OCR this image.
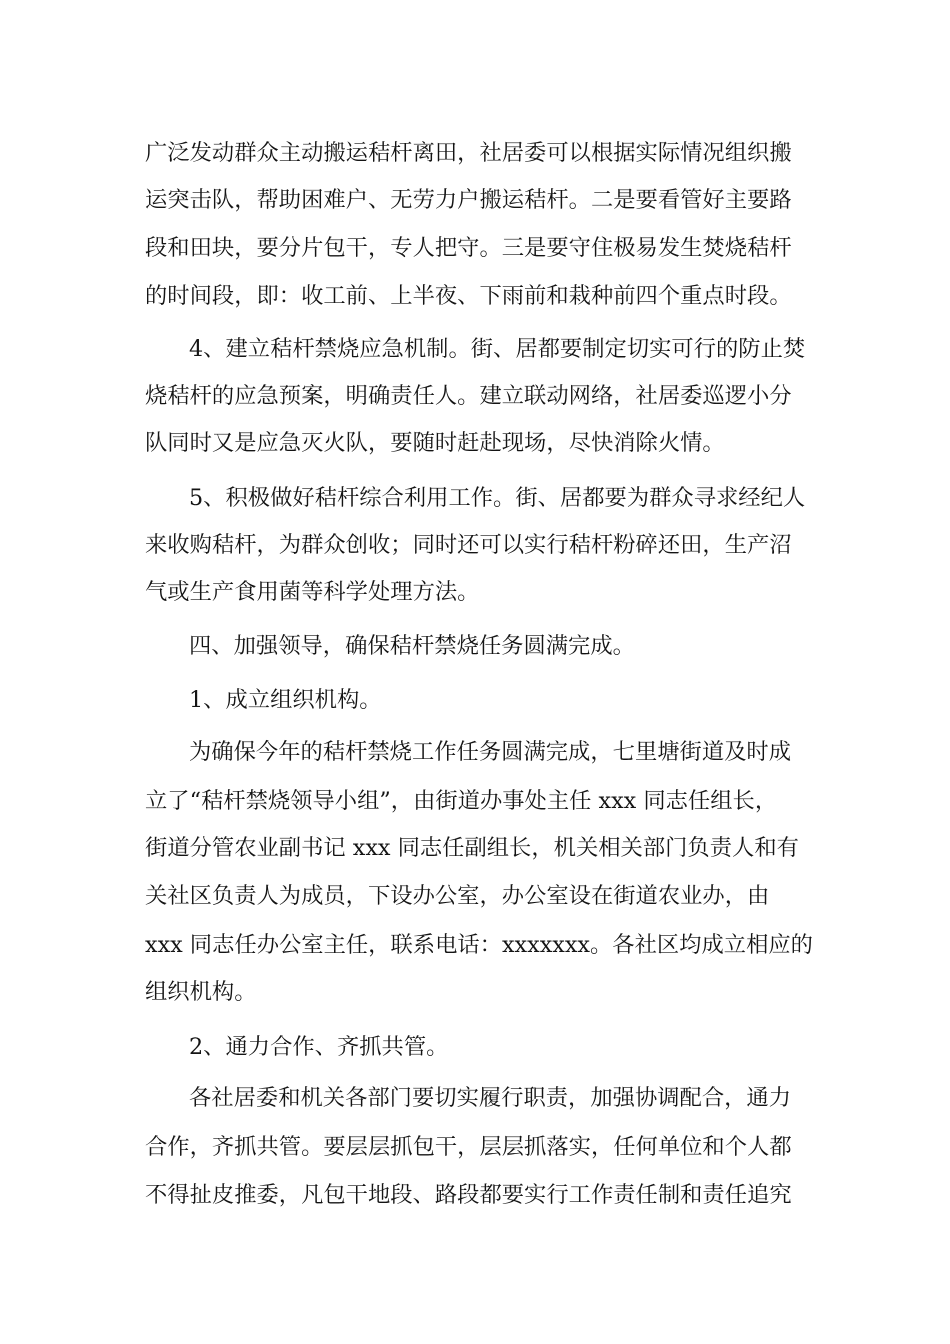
广泛发动群众主动搬运秸杆离田，社居委可以根据实际情况组织搬
运突击队，帮助困难户、无劳力户搬运秸杆。二是要看管好主要路
段和田块，要分片包干，专人把守。三是要守住极易发生焚烧秸杆
的时间段，即：收工前、上半夜、下雨前和栽种前四个重点时段。
4、建立秸杆禁烧应急机制。街、居都要制定切实可行的防止焚
烧秸杆的应急预案，明确责任人。建立联动网络，社居委巡逻小分
队同时又是应急灭火队，要随时赶赴现场，尽快消除火情。
5、积极做好秸杆综合利用工作。街、居都要为群众寻求经纪人
来收购秸杆，为群众创收；同时还可以实行秸杆粉碎还田，生产沼
气或生产食用菌等科学处理方法。
四、加强领导，确保秸杆禁烧任务圆满完成。
1、成立组织机构。
为确保今年的秸杆禁烧工作任务圆满完成，七里塘街道及时成
立了“秸杆禁烧领导小组”，由街道办事处主任 xxx 同志任组长，
街道分管农业副书记 xxx 同志任副组长，机关相关部门负责人和有
关社区负责人为成员，下设办公室，办公室设在街道农业办，由
xxx 同志任办公室主任，联系电话：xxxxxxx。各社区均成立相应的
组织机构。
2、通力合作、齐抓共管。
各社居委和机关各部门要切实履行职责，加强协调配合，通力
合作，齐抓共管。要层层抓包干，层层抓落实，任何单位和个人都
不得扯皮推委，凡包干地段、路段都要实行工作责任制和责任追究
